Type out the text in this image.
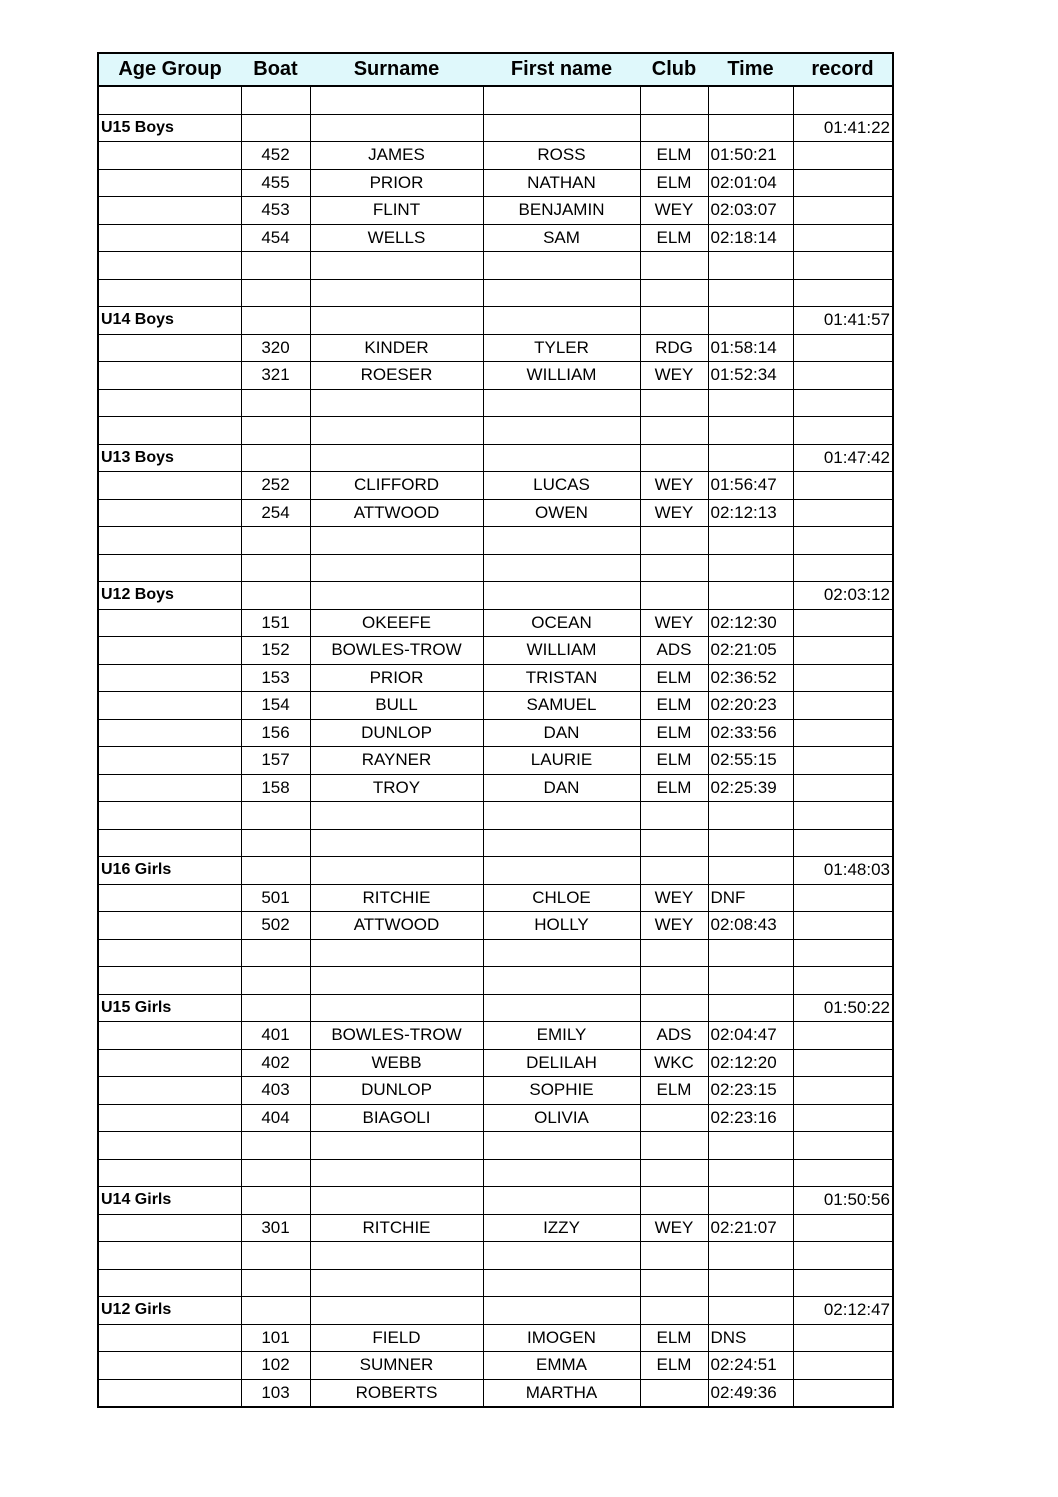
Age Group	Boat	Surname	First name	Club	Time	record

U15 Boys						01:41:22
	452	JAMES	ROSS	ELM	01:50:21	
	455	PRIOR	NATHAN	ELM	02:01:04	
	453	FLINT	BENJAMIN	WEY	02:03:07	
	454	WELLS	SAM	ELM	02:18:14	

U14 Boys						01:41:57
	320	KINDER	TYLER	RDG	01:58:14	
	321	ROESER	WILLIAM	WEY	01:52:34	

U13 Boys						01:47:42
	252	CLIFFORD	LUCAS	WEY	01:56:47	
	254	ATTWOOD	OWEN	WEY	02:12:13	

U12 Boys						02:03:12
	151	OKEEFE	OCEAN	WEY	02:12:30	
	152	BOWLES-TROW	WILLIAM	ADS	02:21:05	
	153	PRIOR	TRISTAN	ELM	02:36:52	
	154	BULL	SAMUEL	ELM	02:20:23	
	156	DUNLOP	DAN	ELM	02:33:56	
	157	RAYNER	LAURIE	ELM	02:55:15	
	158	TROY	DAN	ELM	02:25:39	

U16 Girls						01:48:03
	501	RITCHIE	CHLOE	WEY	DNF	
	502	ATTWOOD	HOLLY	WEY	02:08:43	

U15 Girls						01:50:22
	401	BOWLES-TROW	EMILY	ADS	02:04:47	
	402	WEBB	DELILAH	WKC	02:12:20	
	403	DUNLOP	SOPHIE	ELM	02:23:15	
	404	BIAGOLI	OLIVIA		02:23:16	

U14 Girls						01:50:56
	301	RITCHIE	IZZY	WEY	02:21:07	

U12 Girls						02:12:47
	101	FIELD	IMOGEN	ELM	DNS	
	102	SUMNER	EMMA	ELM	02:24:51	
	103	ROBERTS	MARTHA		02:49:36	
